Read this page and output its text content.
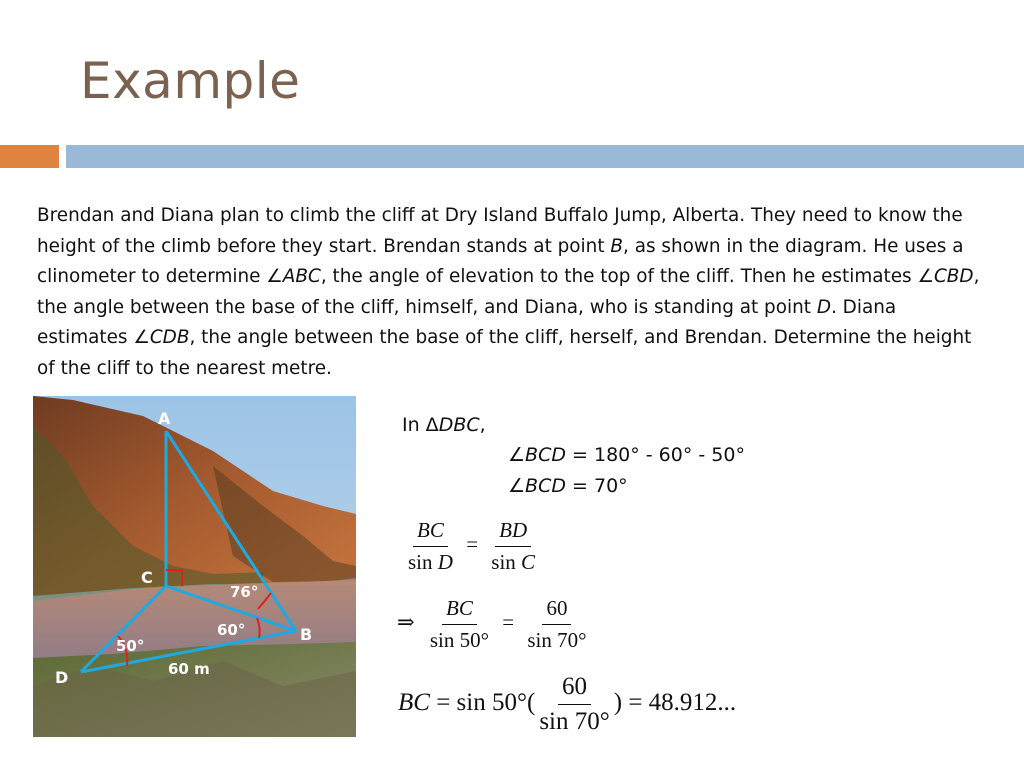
Example

Brendan and Diana plan to climb the cliff at Dry Island Buffalo Jump, Alberta. They need to know the height of the climb before they start. Brendan stands at point B, as shown in the diagram. He uses a clinometer to determine ∠ABC, the angle of elevation to the top of the cliff. Then he estimates ∠CBD, the angle between the base of the cliff, himself, and Diana, who is standing at point D. Diana estimates ∠CDB, the angle between the base of the cliff, herself, and Brendan. Determine the height of the cliff to the nearest metre.

A
C
B
D
76°
60°
50°
60 m
In ΔDBC,
∠BCD = 180° - 60° - 50°
∠BCD = 70°
$\frac{BC}{\text{sin D}} = \frac{BD}{\text{sin C}}$
⇒ $\frac{BC}{\sin 50^\circ} = \frac{60}{\sin 70^\circ}$
BC = $\sin 50^\circ( \frac{60}{\sin 70^\circ}$ ) = 48.912...
